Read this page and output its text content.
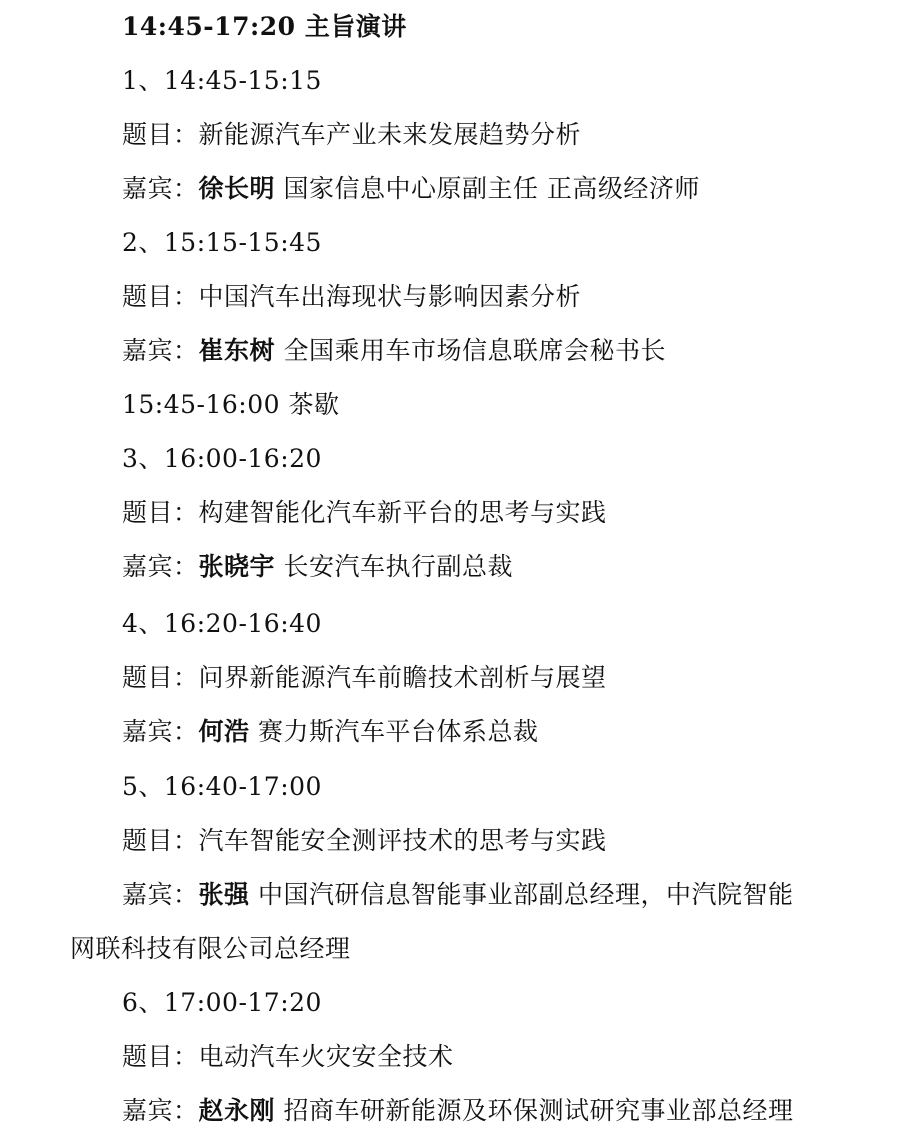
14:45-17:20 主旨演讲
1、14:45-15:15
题目：新能源汽车产业未来发展趋势分析
嘉宾：徐长明 国家信息中心原副主任 正高级经济师
2、15:15-15:45
题目：中国汽车出海现状与影响因素分析
嘉宾：崔东树 全国乘用车市场信息联席会秘书长
15:45-16:00 茶歇
3、16:00-16:20
题目：构建智能化汽车新平台的思考与实践
嘉宾：张晓宇 长安汽车执行副总裁
4、16:20-16:40
题目：问界新能源汽车前瞻技术剖析与展望
嘉宾：何浩 赛力斯汽车平台体系总裁
5、16:40-17:00
题目：汽车智能安全测评技术的思考与实践
嘉宾：张强 中国汽研信息智能事业部副总经理，中汽院智能
网联科技有限公司总经理
6、17:00-17:20
题目：电动汽车火灾安全技术
嘉宾：赵永刚 招商车研新能源及环保测试研究事业部总经理
